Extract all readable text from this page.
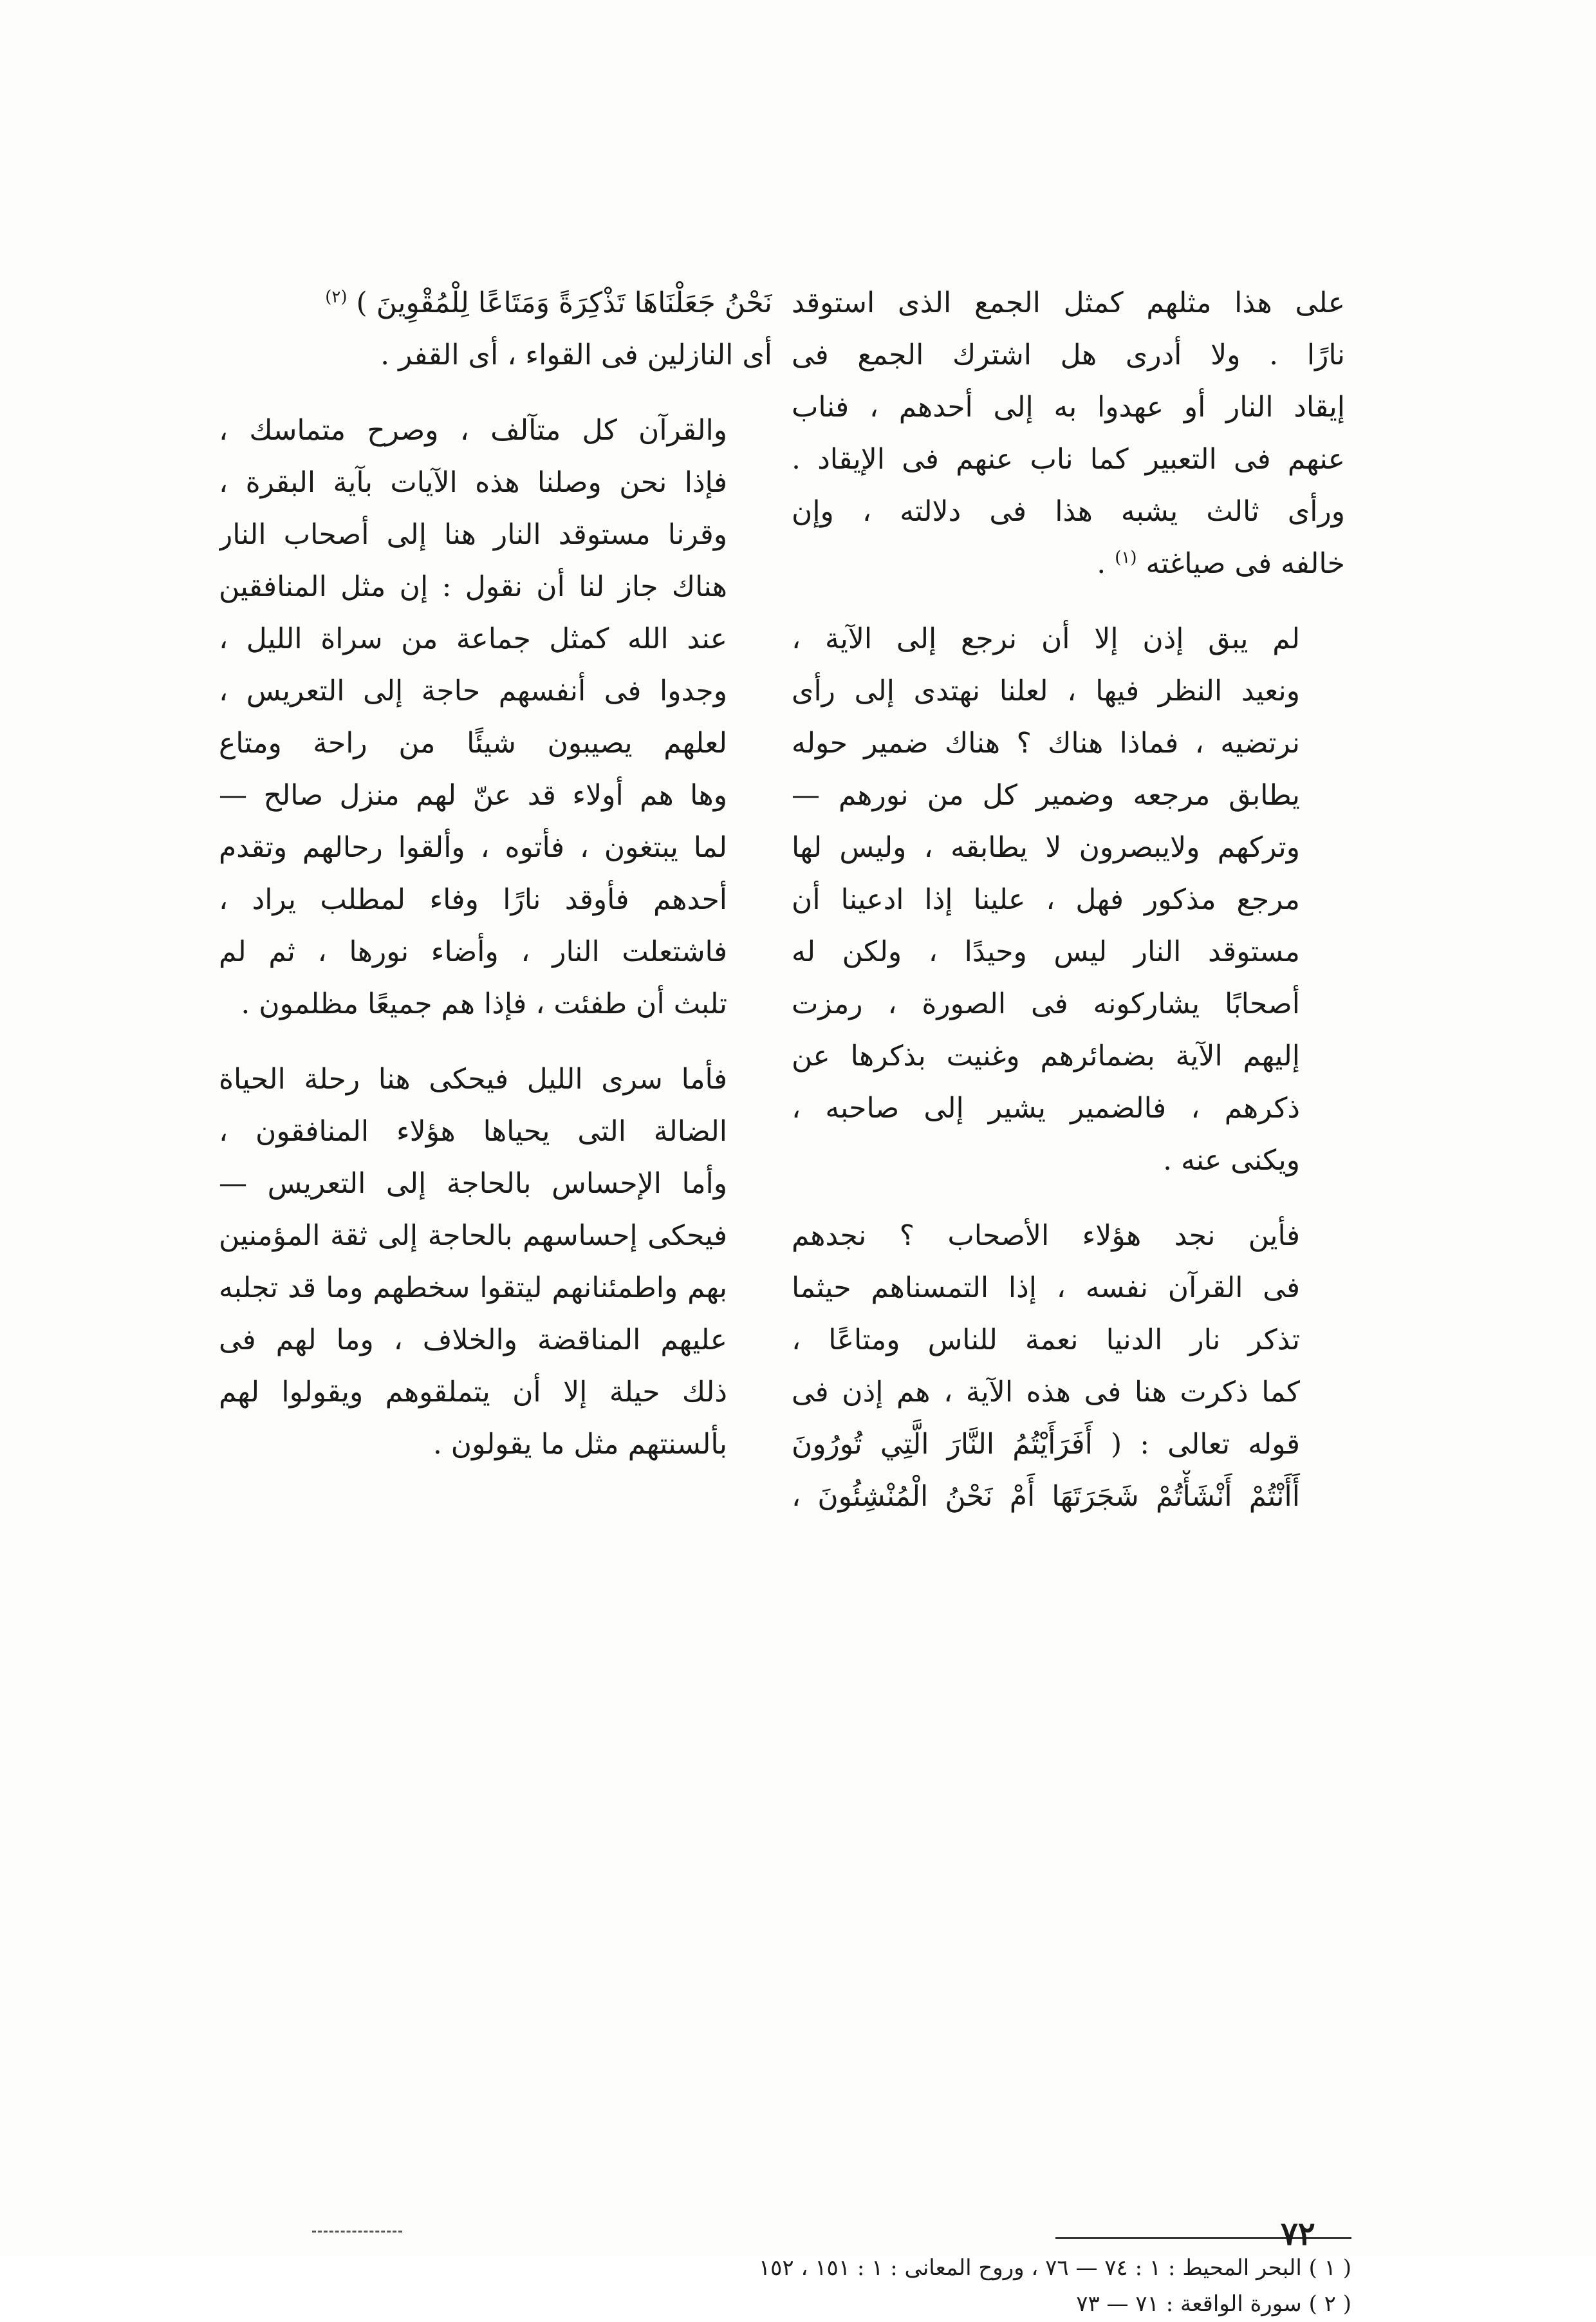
على هذا مثلهم كمثل الجمع الذى استوقد
نارًا . ولا أدرى هل اشترك الجمع فى
إيقاد النار أو عهدوا به إلى أحدهم ، فناب
عنهم فى التعبير كما ناب عنهم فى الإيقاد .
ورأى ثالث يشبه هذا فى دلالته ، وإن
خالفه فى صياغته $^{(١)}$ .

لم يبق إذن إلا أن نرجع إلى الآية ،
ونعيد النظر فيها ، لعلنا نهتدى إلى رأى
نرتضيه ، فماذا هناك ؟ هناك ضمير حوله
يطابق مرجعه وضمير كل من نورهم —
وتركهم ولايبصرون لا يطابقه ، وليس لها
مرجع مذكور فهل ، علينا إذا ادعينا أن
مستوقد النار ليس وحيدًا ، ولكن له
أصحابًا يشاركونه فى الصورة ، رمزت
إليهم الآية بضمائرهم وغنيت بذكرها عن
ذكرهم ، فالضمير يشير إلى صاحبه ،
ويكنى عنه .

فأين نجد هؤلاء الأصحاب ؟ نجدهم
فى القرآن نفسه ، إذا التمسناهم حيثما
تذكر نار الدنيا نعمة للناس ومتاعًا ،
كما ذكرت هنا فى هذه الآية ، هم إذن فى
قوله تعالى : ( أَفَرَأَيْتُمُ النَّارَ الَّتِي تُورُونَ
أَأَنْتُمْ أَنْشَأْتُمْ شَجَرَتَهَا أَمْ نَحْنُ الْمُنْشِئُونَ ،

نَحْنُ جَعَلْنَاهَا تَذْكِرَةً وَمَتَاعًا لِلْمُقْوِينَ ) $^{(٢)}$
أى النازلين فى القواء ، أى القفر .

والقرآن كل متآلف ، وصرح متماسك ،
فإذا نحن وصلنا هذه الآيات بآية البقرة ،
وقرنا مستوقد النار هنا إلى أصحاب النار
هناك جاز لنا أن نقول : إن مثل المنافقين
عند الله كمثل جماعة من سراة الليل ،
وجدوا فى أنفسهم حاجة إلى التعريس ،
لعلهم يصيبون شيئًا من راحة ومتاع
وها هم أولاء قد عنّ لهم منزل صالح —
لما يبتغون ، فأتوه ، وألقوا رحالهم وتقدم
أحدهم فأوقد نارًا وفاء لمطلب يراد ،
فاشتعلت النار ، وأضاء نورها ، ثم لم
تلبث أن طفئت ، فإذا هم جميعًا مظلمون .

فأما سرى الليل فيحكى هنا رحلة الحياة
الضالة التى يحياها هؤلاء المنافقون ،
وأما الإحساس بالحاجة إلى التعريس —
فيحكى إحساسهم بالحاجة إلى ثقة المؤمنين
بهم واطمئنانهم ليتقوا سخطهم وما قد تجلبه
عليهم المناقضة والخلاف ، وما لهم فى
ذلك حيلة إلا أن يتملقوهم ويقولوا لهم
بألسنتهم مثل ما يقولون .

( ١ ) البحر المحيط : ١ : ٧٤ — ٧٦ ، وروح المعانى : ١ : ١٥١ ، ١٥٢
( ٢ ) سورة الواقعة : ٧١ — ٧٣
٧٢
